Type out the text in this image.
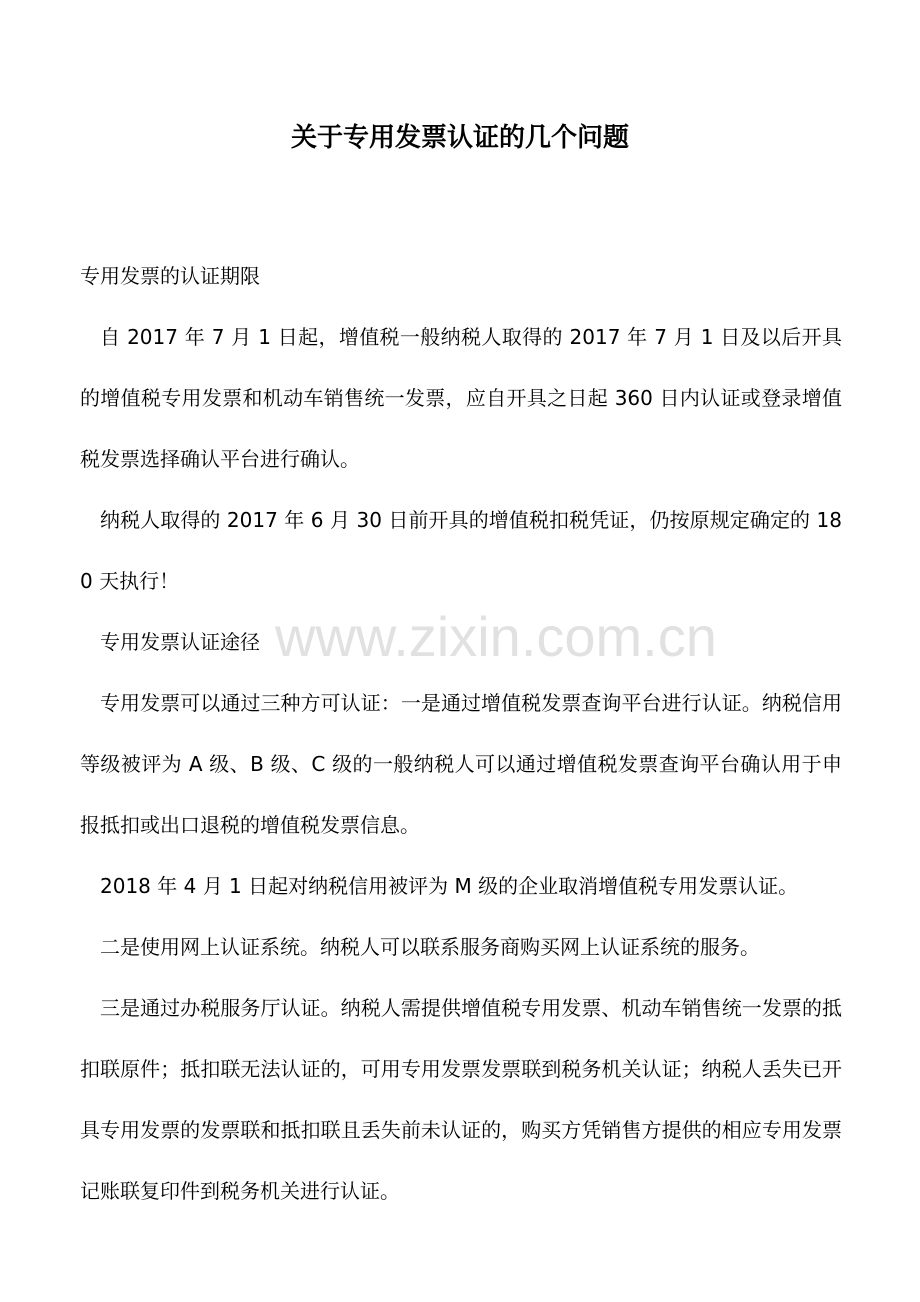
关于专用发票认证的几个问题

专用发票的认证期限

自 2017 年 7 月 1 日起，增值税一般纳税人取得的 2017 年 7 月 1 日及以后开具的增值税专用发票和机动车销售统一发票，应自开具之日起 360 日内认证或登录增值税发票选择确认平台进行确认。

纳税人取得的 2017 年 6 月 30 日前开具的增值税扣税凭证，仍按原规定确定的 180 天执行！

专用发票认证途径

专用发票可以通过三种方可认证：一是通过增值税发票查询平台进行认证。纳税信用等级被评为 A 级、B 级、C 级的一般纳税人可以通过增值税发票查询平台确认用于申报抵扣或出口退税的增值税发票信息。

2018 年 4 月 1 日起对纳税信用被评为 M 级的企业取消增值税专用发票认证。

二是使用网上认证系统。纳税人可以联系服务商购买网上认证系统的服务。

三是通过办税服务厅认证。纳税人需提供增值税专用发票、机动车销售统一发票的抵扣联原件；抵扣联无法认证的，可用专用发票发票联到税务机关认证；纳税人丢失已开具专用发票的发票联和抵扣联且丢失前未认证的，购买方凭销售方提供的相应专用发票记账联复印件到税务机关进行认证。

www.zixin.com.cn
